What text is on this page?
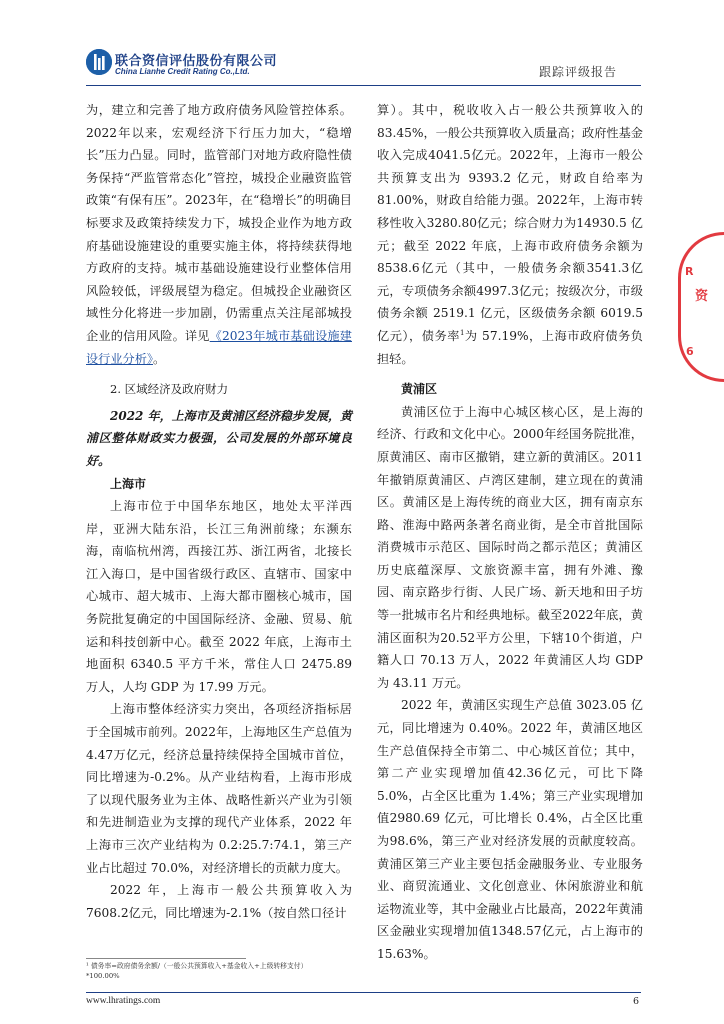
联合资信评估股份有限公司
China Lianhe Credit Rating Co.,Ltd.	跟踪评级报告

为，建立和完善了地方政府债务风险管控体系。2022年以来，宏观经济下行压力加大，“稳增长”压力凸显。同时，监管部门对地方政府隐性债务保持“严监管常态化”管控，城投企业融资监管政策“有保有压”。2023年，在“稳增长”的明确目标要求及政策持续发力下，城投企业作为地方政府基础设施建设的重要实施主体，将持续获得地方政府的支持。城市基础设施建设行业整体信用风险较低，评级展望为稳定。但城投企业融资区域性分化将进一步加剧，仍需重点关注尾部城投企业的信用风险。详见《2023年城市基础设施建设行业分析》。

2. 区域经济及政府财力

2022 年，上海市及黄浦区经济稳步发展，黄浦区整体财政实力极强，公司发展的外部环境良好。

上海市

上海市位于中国华东地区，地处太平洋西岸，亚洲大陆东沿，长江三角洲前缘；东濒东海，南临杭州湾，西接江苏、浙江两省，北接长江入海口，是中国省级行政区、直辖市、国家中心城市、超大城市、上海大都市圈核心城市，国务院批复确定的中国国际经济、金融、贸易、航运和科技创新中心。截至 2022 年底，上海市土地面积 6340.5 平方千米，常住人口 2475.89 万人，人均 GDP 为 17.99 万元。

上海市整体经济实力突出，各项经济指标居于全国城市前列。2022年，上海地区生产总值为4.47万亿元，经济总量持续保持全国城市首位，同比增速为-0.2%。从产业结构看，上海市形成了以现代服务业为主体、战略性新兴产业为引领和先进制造业为支撑的现代产业体系，2022 年上海市三次产业结构为 0.2:25.7:74.1，第三产业占比超过 70.0%，对经济增长的贡献力度大。

2022 年，上海市一般公共预算收入为7608.2亿元，同比增速为-2.1%（按自然口径计

算）。其中，税收收入占一般公共预算收入的83.45%，一般公共预算收入质量高；政府性基金收入完成4041.5亿元。2022年，上海市一般公共预算支出为 9393.2 亿元，财政自给率为81.00%，财政自给能力强。2022年，上海市转移性收入3280.80亿元；综合财力为14930.5 亿元；截至 2022 年底，上海市政府债务余额为8538.6亿元（其中，一般债务余额3541.3亿元，专项债务余额4997.3亿元；按级次分，市级债务余额 2519.1 亿元，区级债务余额 6019.5 亿元），债务率$^1$为 57.19%，上海市政府债务负担轻。

黄浦区

黄浦区位于上海中心城区核心区，是上海的经济、行政和文化中心。2000年经国务院批准，原黄浦区、南市区撤销，建立新的黄浦区。2011年撤销原黄浦区、卢湾区建制，建立现在的黄浦区。黄浦区是上海传统的商业大区，拥有南京东路、淮海中路两条著名商业街，是全市首批国际消费城市示范区、国际时尚之都示范区；黄浦区历史底蕴深厚、文旅资源丰富，拥有外滩、豫园、南京路步行街、人民广场、新天地和田子坊等一批城市名片和经典地标。截至2022年底，黄浦区面积为20.52平方公里，下辖10个街道，户籍人口 70.13 万人，2022 年黄浦区人均 GDP 为 43.11 万元。

2022 年，黄浦区实现生产总值 3023.05 亿元，同比增速为 0.40%。2022 年，黄浦区地区生产总值保持全市第二、中心城区首位；其中，第二产业实现增加值42.36亿元，可比下降5.0%，占全区比重为 1.4%；第三产业实现增加值2980.69 亿元，可比增长 0.4%，占全区比重为98.6%，第三产业对经济发展的贡献度较高。黄浦区第三产业主要包括金融服务业、专业服务业、商贸流通业、文化创意业、休闲旅游业和航运物流业等，其中金融业占比最高，2022年黄浦区金融业实现增加值1348.57亿元，占上海市的 15.63%。

R
资
6
¹ 债务率=政府债务余额/（一般公共预算收入+基金收入+上级转移支付）
*100.00%
www.lhratings.com	6
